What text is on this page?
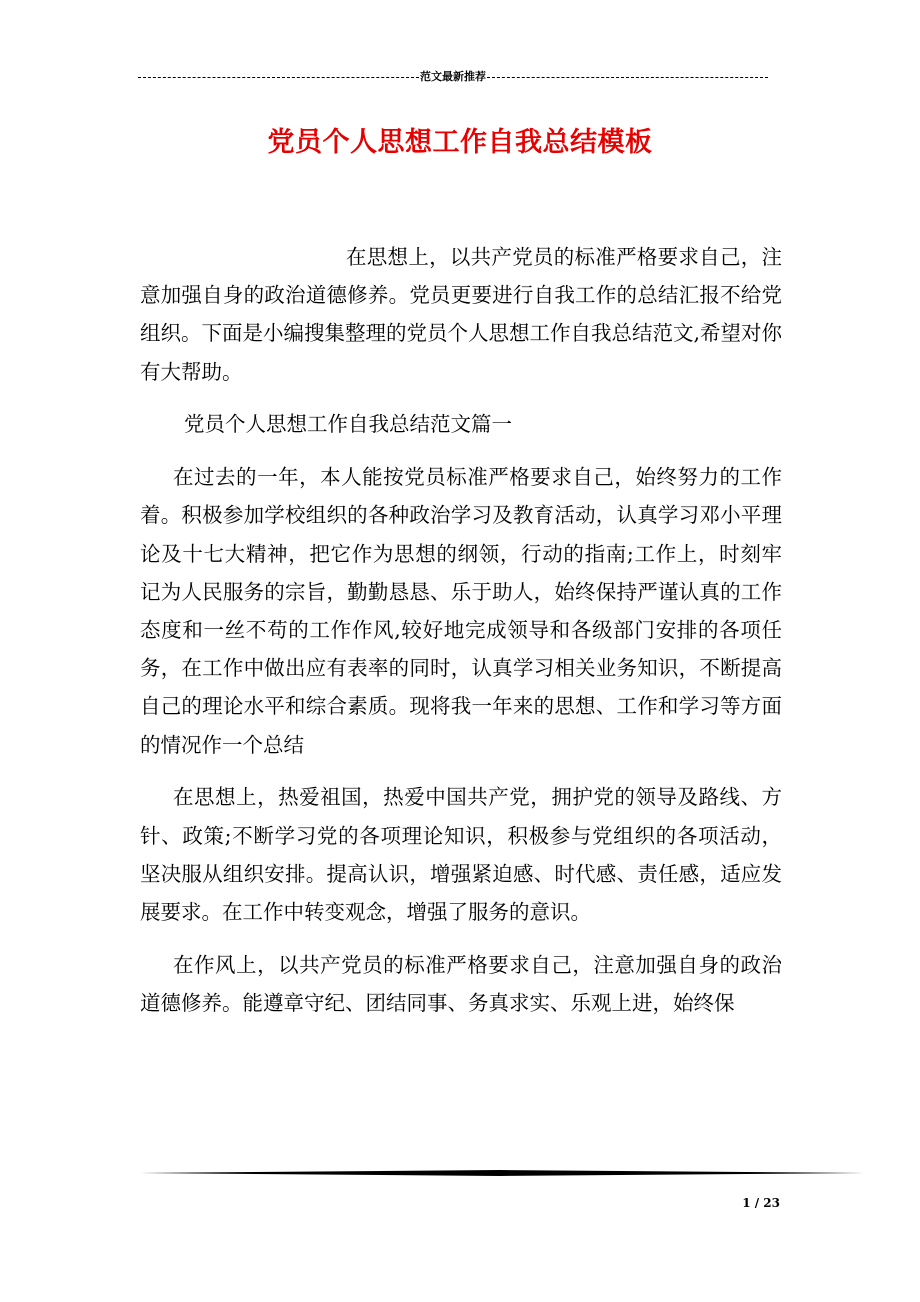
范文最新推荐
党员个人思想工作自我总结模板

在思想上，以共产党员的标准严格要求自己，注意加强自身的政治道德修养。党员更要进行自我工作的总结汇报不给党组织。下面是小编搜集整理的党员个人思想工作自我总结范文,希望对你有大帮助。

党员个人思想工作自我总结范文篇一

在过去的一年，本人能按党员标准严格要求自己，始终努力的工作着。积极参加学校组织的各种政治学习及教育活动，认真学习邓小平理论及十七大精神，把它作为思想的纲领，行动的指南;工作上，时刻牢记为人民服务的宗旨，勤勤恳恳、乐于助人，始终保持严谨认真的工作态度和一丝不苟的工作作风,较好地完成领导和各级部门安排的各项任务，在工作中做出应有表率的同时，认真学习相关业务知识，不断提高自己的理论水平和综合素质。现将我一年来的思想、工作和学习等方面的情况作一个总结

在思想上，热爱祖国，热爱中国共产党，拥护党的领导及路线、方针、政策;不断学习党的各项理论知识，积极参与党组织的各项活动，坚决服从组织安排。提高认识，增强紧迫感、时代感、责任感，适应发展要求。在工作中转变观念，增强了服务的意识。

在作风上，以共产党员的标准严格要求自己，注意加强自身的政治道德修养。能遵章守纪、团结同事、务真求实、乐观上进，始终保

1 / 23
